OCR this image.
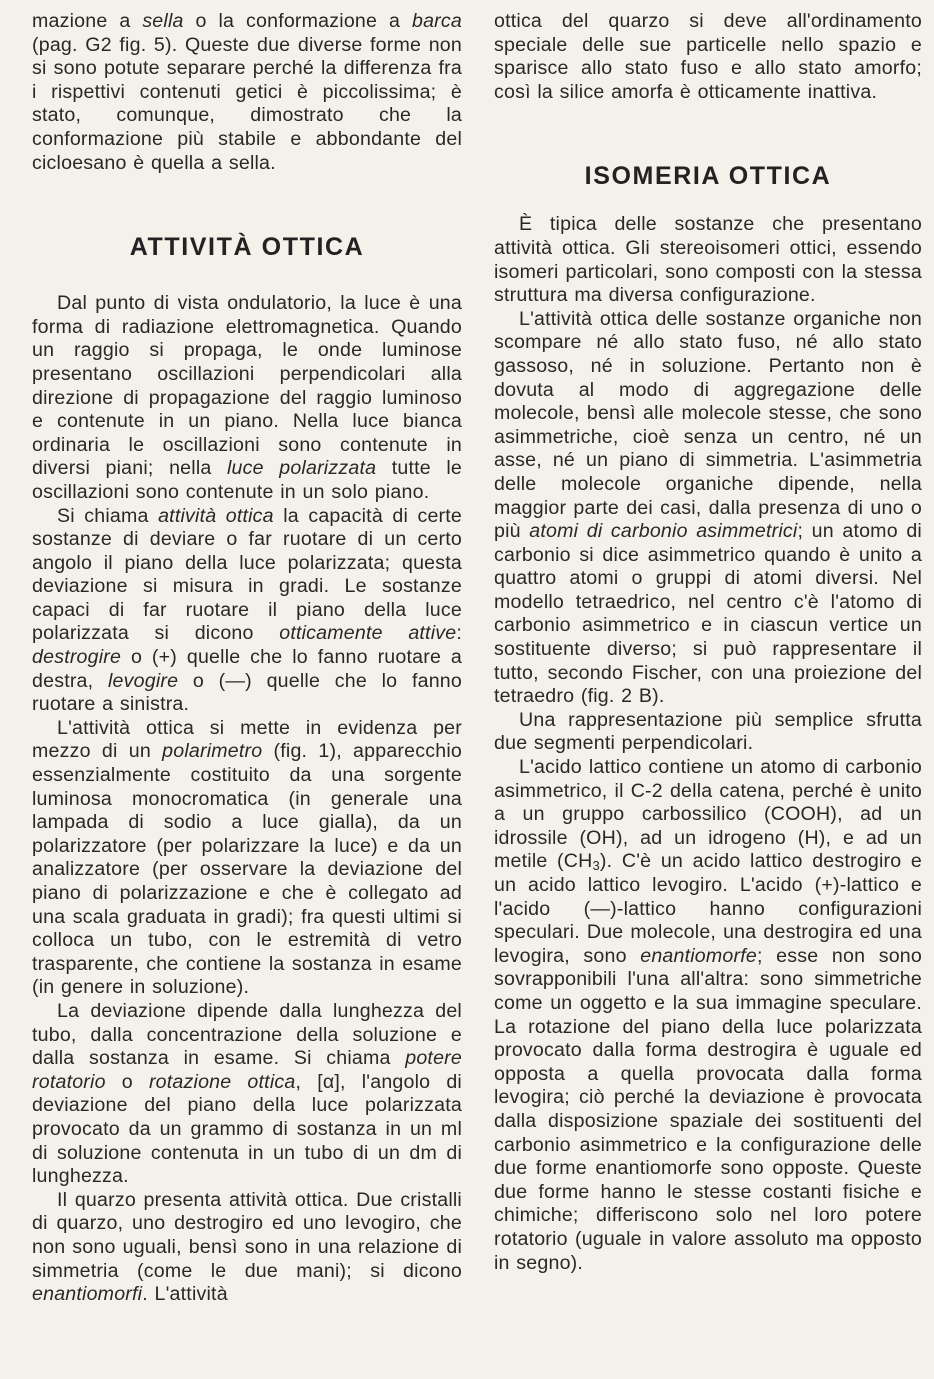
mazione a sella o la conformazione a barca (pag. G2 fig. 5). Queste due diverse forme non si sono potute separare perché la differenza fra i rispettivi contenuti getici è piccolissima; è stato, comunque, dimostrato che la conformazione più stabile e abbondante del cicloesano è quella a sella.

ATTIVITÀ OTTICA

Dal punto di vista ondulatorio, la luce è una forma di radiazione elettromagnetica. Quando un raggio si propaga, le onde luminose presentano oscillazioni perpendicolari alla direzione di propagazione del raggio luminoso e contenute in un piano. Nella luce bianca ordinaria le oscillazioni sono contenute in diversi piani; nella luce polarizzata tutte le oscillazioni sono contenute in un solo piano.

Si chiama attività ottica la capacità di certe sostanze di deviare o far ruotare di un certo angolo il piano della luce polarizzata; questa deviazione si misura in gradi. Le sostanze capaci di far ruotare il piano della luce polarizzata si dicono otticamente attive: destrogire o (+) quelle che lo fanno ruotare a destra, levogire o (—) quelle che lo fanno ruotare a sinistra.

L'attività ottica si mette in evidenza per mezzo di un polarimetro (fig. 1), apparecchio essenzialmente costituito da una sorgente luminosa monocromatica (in generale una lampada di sodio a luce gialla), da un polarizzatore (per polarizzare la luce) e da un analizzatore (per osservare la deviazione del piano di polarizzazione e che è collegato ad una scala graduata in gradi); fra questi ultimi si colloca un tubo, con le estremità di vetro trasparente, che contiene la sostanza in esame (in genere in soluzione).

La deviazione dipende dalla lunghezza del tubo, dalla concentrazione della soluzione e dalla sostanza in esame. Si chiama potere rotatorio o rotazione ottica, [α], l'angolo di deviazione del piano della luce polarizzata provocato da un grammo di sostanza in un ml di soluzione contenuta in un tubo di un dm di lunghezza.

Il quarzo presenta attività ottica. Due cristalli di quarzo, uno destrogiro ed uno levogiro, che non sono uguali, bensì sono in una relazione di simmetria (come le due mani); si dicono enantiomorfi. L'attività

ottica del quarzo si deve all'ordinamento speciale delle sue particelle nello spazio e sparisce allo stato fuso e allo stato amorfo; così la silice amorfa è otticamente inattiva.

ISOMERIA OTTICA

È tipica delle sostanze che presentano attività ottica. Gli stereoisomeri ottici, essendo isomeri particolari, sono composti con la stessa struttura ma diversa configurazione.

L'attività ottica delle sostanze organiche non scompare né allo stato fuso, né allo stato gassoso, né in soluzione. Pertanto non è dovuta al modo di aggregazione delle molecole, bensì alle molecole stesse, che sono asimmetriche, cioè senza un centro, né un asse, né un piano di simmetria. L'asimmetria delle molecole organiche dipende, nella maggior parte dei casi, dalla presenza di uno o più atomi di carbonio asimmetrici; un atomo di carbonio si dice asimmetrico quando è unito a quattro atomi o gruppi di atomi diversi. Nel modello tetraedrico, nel centro c'è l'atomo di carbonio asimmetrico e in ciascun vertice un sostituente diverso; si può rappresentare il tutto, secondo Fischer, con una proiezione del tetraedro (fig. 2 B).

Una rappresentazione più semplice sfrutta due segmenti perpendicolari.

L'acido lattico contiene un atomo di carbonio asimmetrico, il C-2 della catena, perché è unito a un gruppo carbossilico (COOH), ad un idrossile (OH), ad un idrogeno (H), e ad un metile $(CH_3)$. C'è un acido lattico destrogiro e un acido lattico levogiro. L'acido (+)-lattico e l'acido (—)-lattico hanno configurazioni speculari. Due molecole, una destrogira ed una levogira, sono enantiomorfe; esse non sono sovrapponibili l'una all'altra: sono simmetriche come un oggetto e la sua immagine speculare. La rotazione del piano della luce polarizzata provocato dalla forma destrogira è uguale ed opposta a quella provocata dalla forma levogira; ciò perché la deviazione è provocata dalla disposizione spaziale dei sostituenti del carbonio asimmetrico e la configurazione delle due forme enantiomorfe sono opposte. Queste due forme hanno le stesse costanti fisiche e chimiche; differiscono solo nel loro potere rotatorio (uguale in valore assoluto ma opposto in segno).
